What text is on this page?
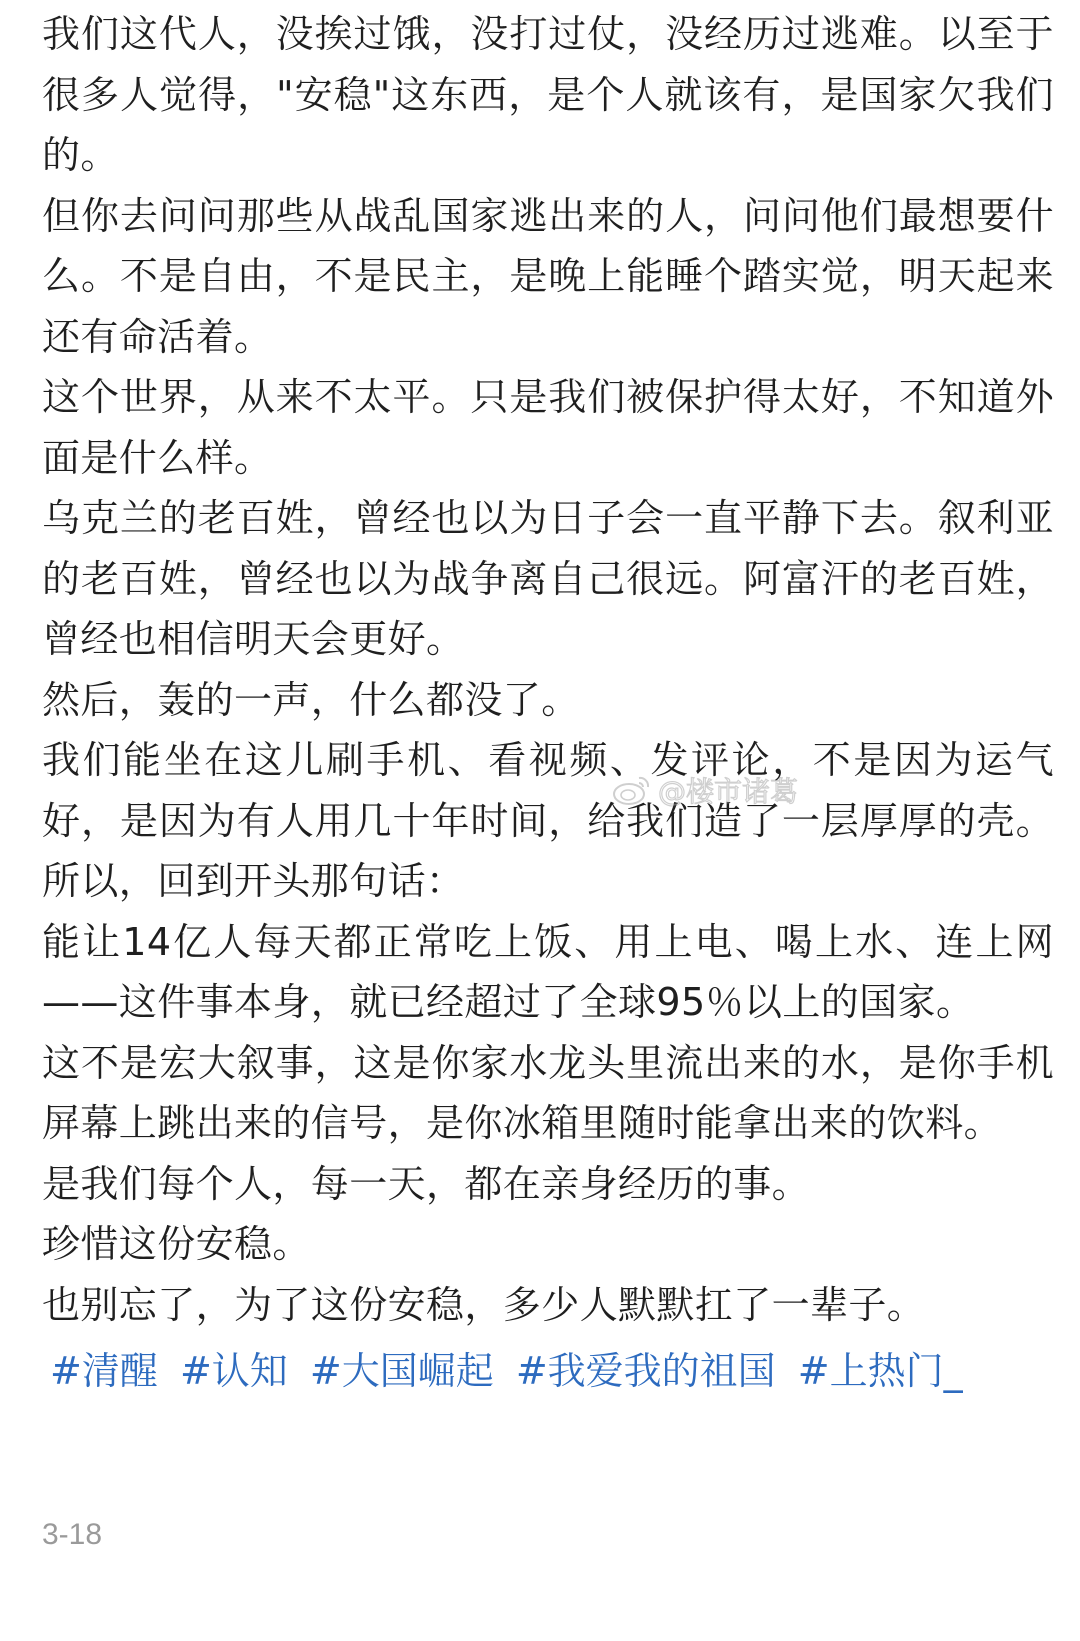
我们这代人，没挨过饿，没打过仗，没经历过逃难。以至于很多人觉得，"安稳"这东西，是个人就该有，是国家欠我们的。

但你去问问那些从战乱国家逃出来的人，问问他们最想要什么。不是自由，不是民主，是晚上能睡个踏实觉，明天起来还有命活着。

这个世界，从来不太平。只是我们被保护得太好，不知道外面是什么样。

乌克兰的老百姓，曾经也以为日子会一直平静下去。叙利亚的老百姓，曾经也以为战争离自己很远。阿富汗的老百姓，曾经也相信明天会更好。

然后，轰的一声，什么都没了。

我们能坐在这儿刷手机、看视频、发评论，不是因为运气好，是因为有人用几十年时间，给我们造了一层厚厚的壳。所以，回到开头那句话：

能让14亿人每天都正常吃上饭、用上电、喝上水、连上网——这件事本身，就已经超过了全球95％以上的国家。

这不是宏大叙事，这是你家水龙头里流出来的水，是你手机屏幕上跳出来的信号，是你冰箱里随时能拿出来的饮料。

是我们每个人，每一天，都在亲身经历的事。

珍惜这份安稳。

也别忘了，为了这份安稳，多少人默默扛了一辈子。

#清醒 #认知 #大国崛起 #我爱我的祖国 #上热门_
3-18
@楼市诸葛
